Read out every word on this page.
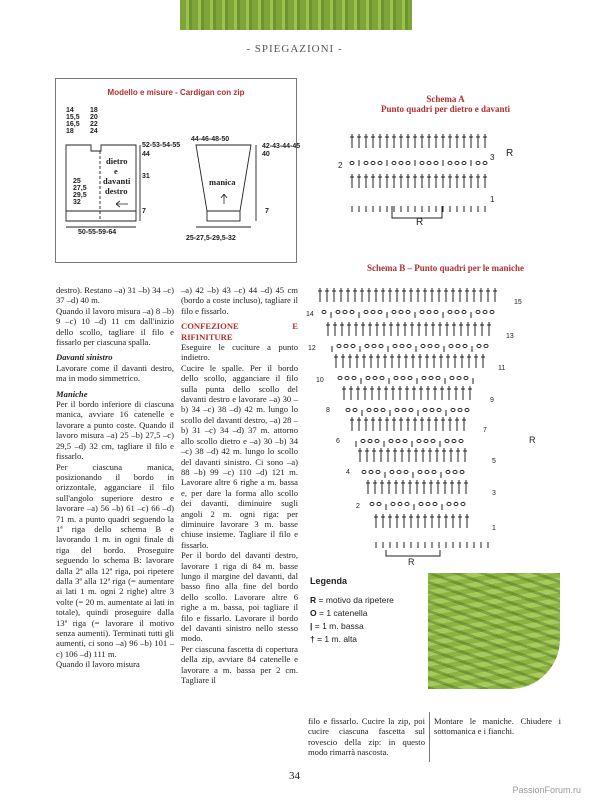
- SPIEGAZIONI -
Modello e misure - Cardigan con zip
14
15,5
16,5
18
18
20
22
24
52-53-54-55
44
31
7
25
27,5
29,5
32
50-55-59-64
44-46-48-50
42-43-44-45
40
7
25-27,5-29,5-32
dietro
e
davanti
destro
manica
Schema A
Punto quadri per dietro e davanti
2
3
1
R
R
Schema B – Punto quadri per le maniche
14
12
10
8
6
4
2
15
13
11
9
7
5
3
1
R
R
Legenda
R = motivo da ripetere
O = 1 catenella
| = 1 m. bassa
† = 1 m. alta

destro). Restano –a) 31 –b) 34 –c) 37 –d) 40 m.

Quando il lavoro misura –a) 8 –b) 9 –c) 10 –d) 11 cm dall'inizio dello scollo, tagliare il filo e fissarlo per ciascuna spalla.

Davanti sinistro

Lavorare come il davanti destro, ma in modo simmetrico.

Maniche

Per il bordo inferiore di ciascuna manica, avviare 16 catenelle e lavorare a punto coste. Quando il lavoro misura –a) 25 –b) 27,5 –c) 29,5 –d) 32 cm, tagliare il filo e fissarlo.

Per ciascuna manica, posizionando il bordo in orizzontale, agganciare il filo sull'angolo superiore destro e lavorare –a) 56 –b) 61 –c) 66 –d) 71 m. a punto quadri seguendo la 1ª riga dello schema B e lavorando 1 m. in ogni finale di riga del bordo. Proseguire seguendo lo schema B: lavorare dalla 2ª alla 12ª riga, poi ripetere dalla 3ª alla 12ª riga (= aumentare ai lati 1 m. ogni 2 righe) altre 3 volte (= 20 m. aumentate ai lati in totale), quindi proseguire dalla 13ª riga (= lavorare il motivo senza aumenti). Terminati tutti gli aumenti, ci sono –a) 96 –b) 101 –c) 106 –d) 111 m.

Quando il lavoro misura

–a) 42 –b) 43 –c) 44 –d) 45 cm (bordo a coste incluso), tagliare il filo e fissarlo.

CONFEZIONE E RIFINITURE

Eseguire le cuciture a punto indietro.

Cucire le spalle. Per il bordo dello scollo, agganciare il filo sulla punta dello scollo del davanti destro e lavorare –a) 30 –b) 34 –c) 38 –d) 42 m. lungo lo scollo del davanti destro, –a) 28 –b) 31 –c) 34 –d) 37 m. attorno allo scollo dietro e –a) 30 –b) 34 –c) 38 –d) 42 m. lungo lo scollo del davanti sinistro. Ci sono –a) 88 –b) 99 –c) 110 –d) 121 m. Lavorare altre 6 righe a m. bassa e, per dare la forma allo scollo dei davanti, diminuire sugli angoli 2 m. ogni riga: per diminuire lavorare 3 m. basse chiuse insieme. Tagliare il filo e fissarlo.

Per il bordo del davanti destro, lavorare 1 riga di 84 m. basse lungo il margine del davanti, dal basso fino alla fine del bordo dello scollo. Lavorare altre 6 righe a m. bassa, poi tagliare il filo e fissarlo. Lavorare il bordo del davanti sinistro nello stesso modo.

Per ciascuna fascetta di copertura della zip, avviare 84 catenelle e lavorare a m. bassa per 2 cm. Tagliare il

filo e fissarlo. Cucire la zip, poi cucire ciascuna fascetta sul rovescio della zip: in questo modo rimarrà nascosta.

Montare le maniche. Chiudere i sottomanica e i fianchi.

34
PassionForum.ru
